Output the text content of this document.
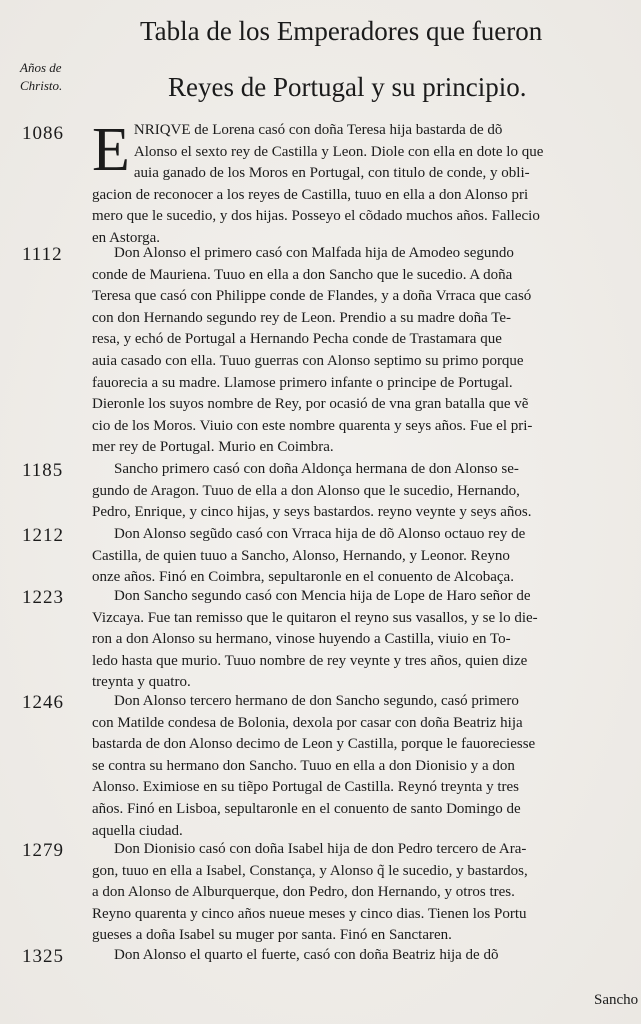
Tabla de los Emperadores que fueron
Reyes de Portugal y su principio.
Años de
Christo.
1086 E NRIQVE de Lorena casó con doña Teresa hija bastarda de dõ
Alonso el sexto rey de Castilla y Leon. Diole con ella en dote lo que
auia ganado de los Moros en Portugal, con titulo de conde, y obli-
gacion de reconocer a los reyes de Castilla, tuuo en ella a don Alonso pri
mero que le sucedio, y dos hijas. Posseyo el cõdado muchos años. Fallecio
en Astorga.
1112	Don Alonso el primero casó con Malfada hija de Amodeo segundo
conde de Mauriena. Tuuo en ella a don Sancho que le sucedio. A doña
Teresa que casó con Philippe conde de Flandes, y a doña Vrraca que casó
con don Hernando segundo rey de Leon. Prendio a su madre doña Te-
resa, y echó de Portugal a Hernando Pecha conde de Trastamara que
auia casado con ella. Tuuo guerras con Alonso septimo su primo porque
fauorecia a su madre. Llamose primero infante o principe de Portugal.
Dieronle los suyos nombre de Rey, por ocasió de vna gran batalla que vẽ
cio de los Moros. Viuio con este nombre quarenta y seys años. Fue el pri-
mer rey de Portugal. Murio en Coimbra.
1185	Sancho primero casó con doña Aldonça hermana de don Alonso se-
gundo de Aragon. Tuuo de ella a don Alonso que le sucedio, Hernando,
Pedro, Enrique, y cinco hijas, y seys bastardos. reyno veynte y seys años.
1212	Don Alonso segũdo casó con Vrraca hija de dõ Alonso octauo rey de
Castilla, de quien tuuo a Sancho, Alonso, Hernando, y Leonor. Reyno
onze años. Finó en Coimbra, sepultaronle en el conuento de Alcobaça.
1223	Don Sancho segundo casó con Mencia hija de Lope de Haro señor de
Vizcaya. Fue tan remisso que le quitaron el reyno sus vasallos, y se lo die-
ron a don Alonso su hermano, vinose huyendo a Castilla, viuio en To-
ledo hasta que murio. Tuuo nombre de rey veynte y tres años, quien dize
treynta y quatro.
1246	Don Alonso tercero hermano de don Sancho segundo, casó primero
con Matilde condesa de Bolonia, dexola por casar con doña Beatriz hija
bastarda de don Alonso decimo de Leon y Castilla, porque le fauoreciesse
se contra su hermano don Sancho. Tuuo en ella a don Dionisio y a don
Alonso. Eximiose en su tiẽpo Portugal de Castilla. Reynó treynta y tres
años. Finó en Lisboa, sepultaronle en el conuento de santo Domingo de
aquella ciudad.
1279	Don Dionisio casó con doña Isabel hija de don Pedro tercero de Ara-
gon, tuuo en ella a Isabel, Constança, y Alonso q̃ le sucedio, y bastardos,
a don Alonso de Alburquerque, don Pedro, don Hernando, y otros tres.
Reyno quarenta y cinco años nueue meses y cinco dias. Tienen los Portu
gueses a doña Isabel su muger por santa. Finó en Sanctaren.
1325	Don Alonso el quarto el fuerte, casó con doña Beatriz hija de dõ
Sancho
